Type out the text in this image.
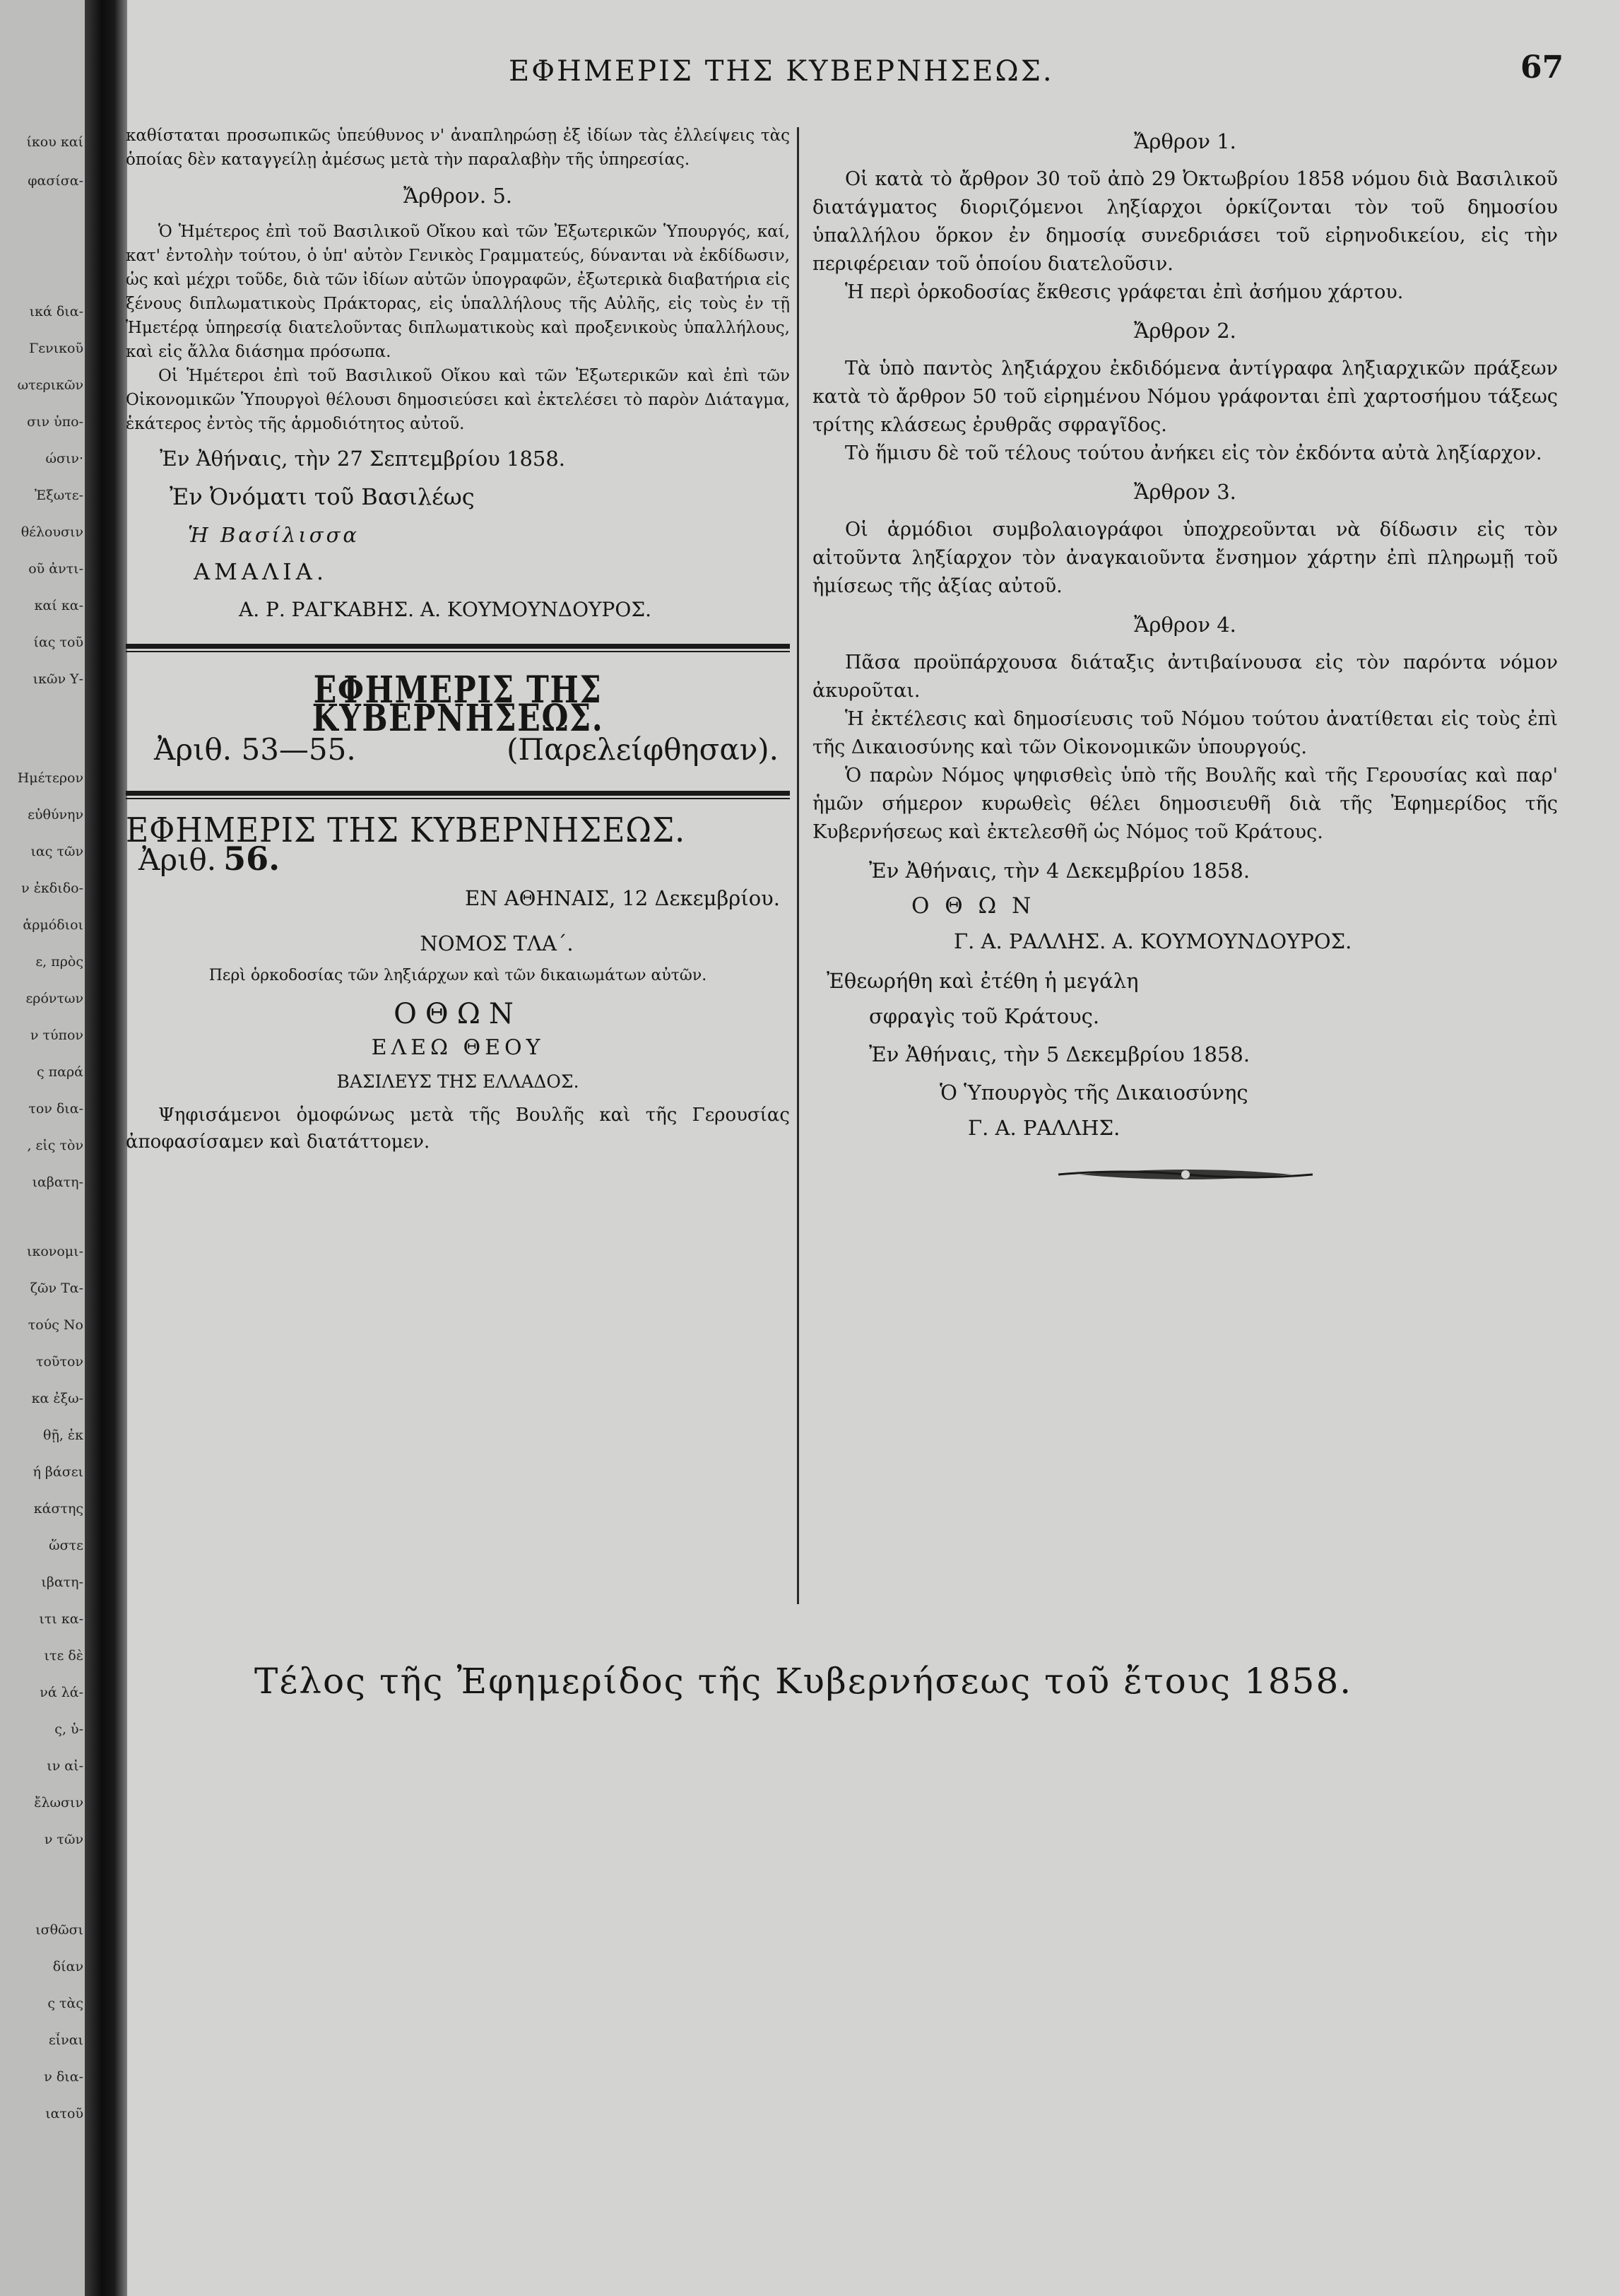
ίκου καί
φασίσα-
ικά δια-
Γενικοῦ
ωτερικῶν
σιν ὑπο-
ώσιν·
Ἐξωτε-
θέλουσιν
οῦ ἀντι-
καί κα-
ίας τοῦ
ικῶν Υ-
Ημέτερον
εὐθύνην
ιας τῶν
ν ἐκδιδο-
ἁρμόδιοι
ε, πρὸς
ερόντων
ν τύπον
ς παρά
τον δια-
, εἰς τὸν
ιαβατη-
ικονομι-
ζῶν Τα-
τούς Νο
τοῦτον
κα ἐξω-
θῇ, ἐκ
ή βάσει
κάστης
ὥστε
ιβατη-
ιτι κα-
ιτε δὲ
νά λά-
ς, ὑ-
ιν αἰ-
ἔλωσιν
ν τῶν
ισθῶσι
δίαν
ς τὰς
εἶναι
ν δια-
ιατοῦ
ΕΦΗΜΕΡΙΣ ΤΗΣ ΚΥΒΕΡΝΗΣΕΩΣ.	67

καθίσταται προσωπικῶς ὑπεύθυνος ν' ἀναπληρώσῃ ἐξ ἰδίων τὰς ἐλλείψεις τὰς ὁποίας δὲν καταγγείλῃ ἀμέσως μετὰ τὴν παραλαβὴν τῆς ὑπηρεσίας.

Ἄρθρον. 5.

Ὁ Ἡμέτερος ἐπὶ τοῦ Βασιλικοῦ Οἴκου καὶ τῶν Ἐξωτερικῶν Ὑπουργός, καί, κατ' ἐντολὴν τούτου, ὁ ὑπ' αὐτὸν Γενικὸς Γραμματεύς, δύνανται νὰ ἐκδίδωσιν, ὡς καὶ μέχρι τοῦδε, διὰ τῶν ἰδίων αὐτῶν ὑπογραφῶν, ἐξωτερικὰ διαβατήρια εἰς ξένους διπλωματικοὺς Πράκτορας, εἰς ὑπαλλήλους τῆς Αὐλῆς, εἰς τοὺς ἐν τῇ Ἡμετέρᾳ ὑπηρεσίᾳ διατελοῦντας διπλωματικοὺς καὶ προξενικοὺς ὑπαλλήλους, καὶ εἰς ἄλλα διάσημα πρόσωπα.

Οἱ Ἡμέτεροι ἐπὶ τοῦ Βασιλικοῦ Οἴκου καὶ τῶν Ἐξωτερικῶν καὶ ἐπὶ τῶν Οἰκονομικῶν Ὑπουργοὶ θέλουσι δημοσιεύσει καὶ ἐκτελέσει τὸ παρὸν Διάταγμα, ἑκάτερος ἐντὸς τῆς ἁρμοδιότητος αὐτοῦ.

Ἐν Ἀθήναις, τὴν 27 Σεπτεμβρίου 1858.
Ἐν Ὀνόματι τοῦ Βασιλέως
Ἡ Βασίλισσα
ΑΜΑΛΙΑ.
Α. Ρ. ΡΑΓΚΑΒΗΣ. Α. ΚΟΥΜΟΥΝΔΟΥΡΟΣ.
ΕΦΗΜΕΡΙΣ ΤΗΣ ΚΥΒΕΡΝΗΣΕΩΣ.
Ἀριθ. 53—55.	(Παρελείφθησαν).
ΕΦΗΜΕΡΙΣ ΤΗΣ ΚΥΒΕΡΝΗΣΕΩΣ.
Ἀριθ. 56.
ΕΝ ΑΘΗΝΑΙΣ, 12 Δεκεμβρίου.
ΝΟΜΟΣ ΤΛΑ΄.
Περὶ ὁρκοδοσίας τῶν ληξιάρχων καὶ τῶν δικαιωμάτων αὐτῶν.
ΟΘΩΝ
ΕΛΕΩ ΘΕΟΥ
ΒΑΣΙΛΕΥΣ ΤΗΣ ΕΛΛΑΔΟΣ.

Ψηφισάμενοι ὁμοφώνως μετὰ τῆς Βουλῆς καὶ τῆς Γερουσίας ἀποφασίσαμεν καὶ διατάττομεν.

Ἄρθρον 1.

Οἱ κατὰ τὸ ἄρθρον 30 τοῦ ἀπὸ 29 Ὀκτωβρίου 1858 νόμου διὰ Βασιλικοῦ διατάγματος διοριζόμενοι ληξίαρχοι ὁρκίζονται τὸν τοῦ δημοσίου ὑπαλλήλου ὅρκον ἐν δημοσίᾳ συνεδριάσει τοῦ εἰρηνοδικείου, εἰς τὴν περιφέρειαν τοῦ ὁποίου διατελοῦσιν.

Ἡ περὶ ὁρκοδοσίας ἔκθεσις γράφεται ἐπὶ ἀσήμου χάρτου.

Ἄρθρον 2.

Τὰ ὑπὸ παντὸς ληξιάρχου ἐκδιδόμενα ἀντίγραφα ληξιαρχικῶν πράξεων κατὰ τὸ ἄρθρον 50 τοῦ εἰρημένου Νόμου γράφονται ἐπὶ χαρτοσήμου τάξεως τρίτης κλάσεως ἐρυθρᾶς σφραγῖδος.

Τὸ ἥμισυ δὲ τοῦ τέλους τούτου ἀνήκει εἰς τὸν ἐκδόντα αὐτὰ ληξίαρχον.

Ἄρθρον 3.

Οἱ ἁρμόδιοι συμβολαιογράφοι ὑποχρεοῦνται νὰ δίδωσιν εἰς τὸν αἰτοῦντα ληξίαρχον τὸν ἀναγκαιοῦντα ἔνσημον χάρτην ἐπὶ πληρωμῇ τοῦ ἡμίσεως τῆς ἀξίας αὐτοῦ.

Ἄρθρον 4.

Πᾶσα προϋπάρχουσα διάταξις ἀντιβαίνουσα εἰς τὸν παρόντα νόμον ἀκυροῦται.

Ἡ ἐκτέλεσις καὶ δημοσίευσις τοῦ Νόμου τούτου ἀνατίθεται εἰς τοὺς ἐπὶ τῆς Δικαιοσύνης καὶ τῶν Οἰκονομικῶν ὑπουργούς.

Ὁ παρὼν Νόμος ψηφισθεὶς ὑπὸ τῆς Βουλῆς καὶ τῆς Γερουσίας καὶ παρ' ἡμῶν σήμερον κυρωθεὶς θέλει δημοσιευθῆ διὰ τῆς Ἐφημερίδος τῆς Κυβερνήσεως καὶ ἐκτελεσθῆ ὡς Νόμος τοῦ Κράτους.

Ἐν Ἀθήναις, τὴν 4 Δεκεμβρίου 1858.
Ο Θ Ω Ν
Γ. Α. ΡΑΛΛΗΣ. Α. ΚΟΥΜΟΥΝΔΟΥΡΟΣ.
Ἐθεωρήθη καὶ ἐτέθη ἡ μεγάλη
σφραγὶς τοῦ Κράτους.
Ἐν Ἀθήναις, τὴν 5 Δεκεμβρίου 1858.
Ὁ Ὑπουργὸς τῆς Δικαιοσύνης
Γ. Α. ΡΑΛΛΗΣ.
Τέλος τῆς Ἐφημερίδος τῆς Κυβερνήσεως τοῦ ἔτους 1858.
